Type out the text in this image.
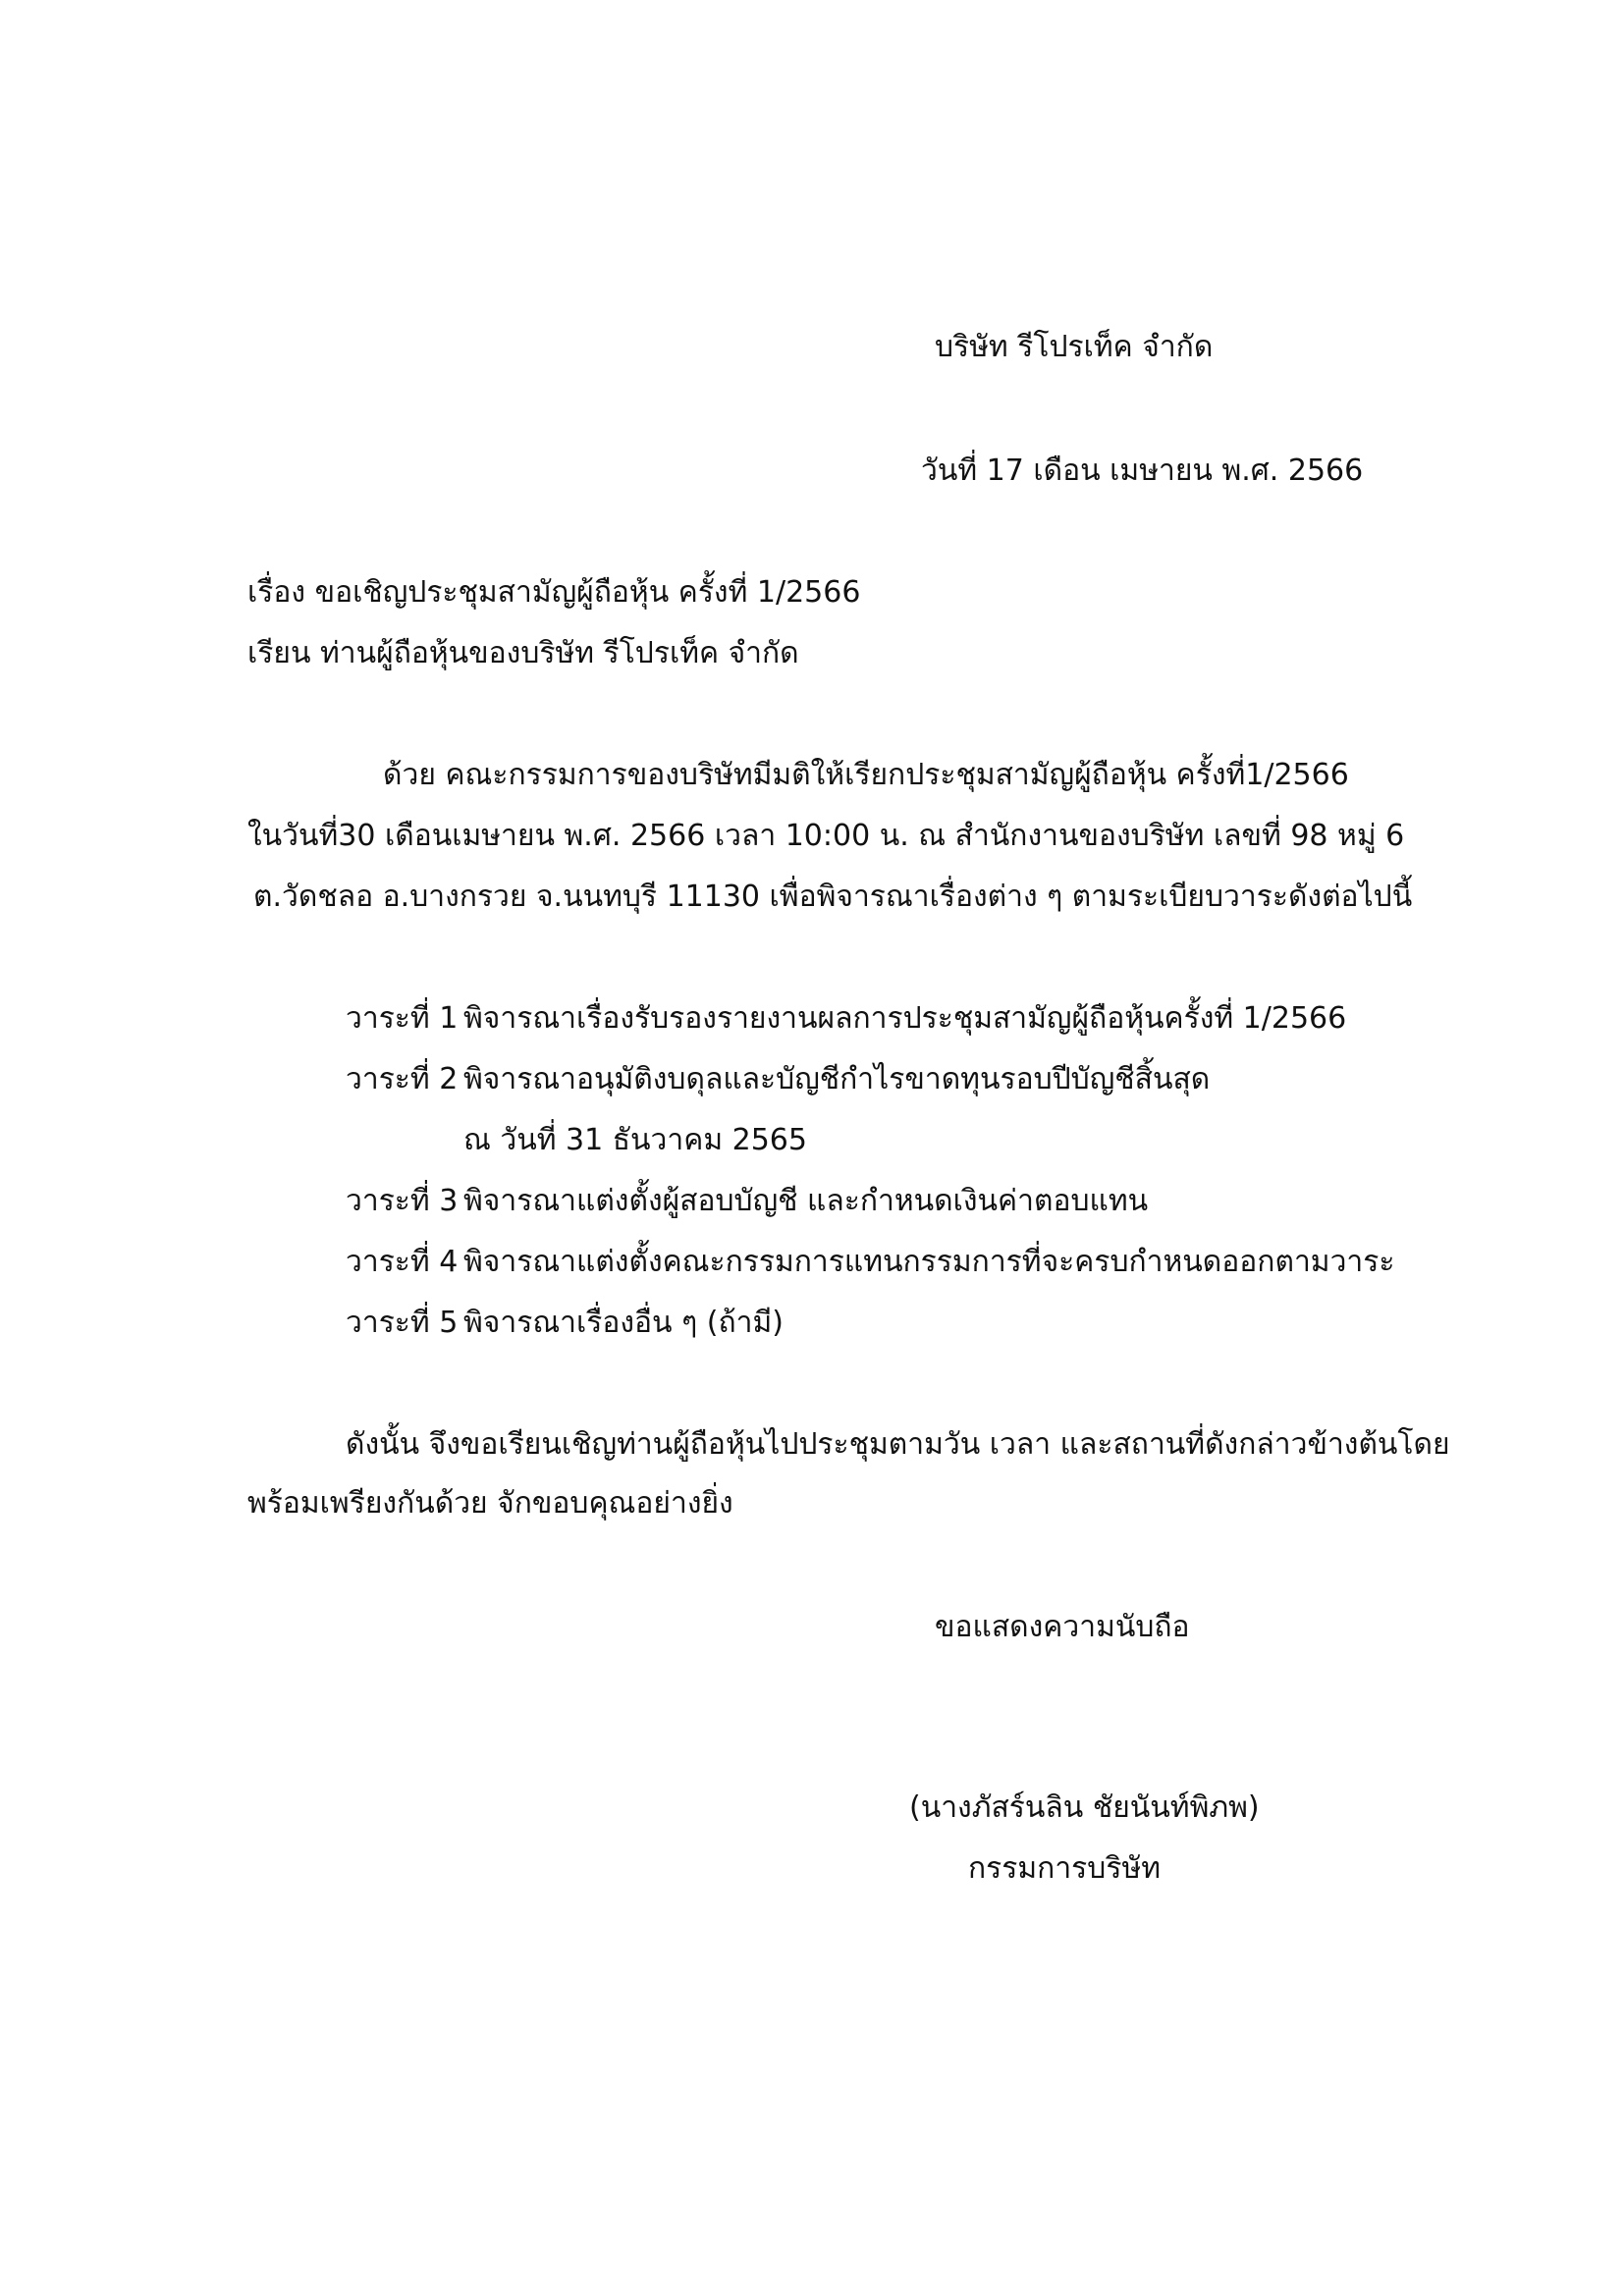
บริษัท รีโปรเท็ค จำกัด
วันที่ 17 เดือน เมษายน พ.ศ. 2566
เรื่อง ขอเชิญประชุมสามัญผู้ถือหุ้น ครั้งที่ 1/2566
เรียน ท่านผู้ถือหุ้นของบริษัท รีโปรเท็ค จำกัด
ด้วย คณะกรรมการของบริษัทมีมติให้เรียกประชุมสามัญผู้ถือหุ้น ครั้งที่1/2566
ในวันที่30 เดือนเมษายน พ.ศ. 2566 เวลา 10:00 น. ณ สำนักงานของบริษัท เลขที่ 98 หมู่ 6
ต.วัดชลอ อ.บางกรวย จ.นนทบุรี 11130 เพื่อพิจารณาเรื่องต่าง ๆ ตามระเบียบวาระดังต่อไปนี้
วาระที่ 1 พิจารณาเรื่องรับรองรายงานผลการประชุมสามัญผู้ถือหุ้นครั้งที่ 1/2566
วาระที่ 2 พิจารณาอนุมัติงบดุลและบัญชีกำไรขาดทุนรอบปีบัญชีสิ้นสุด
ณ วันที่ 31 ธันวาคม 2565
วาระที่ 3 พิจารณาแต่งตั้งผู้สอบบัญชี และกำหนดเงินค่าตอบแทน
วาระที่ 4 พิจารณาแต่งตั้งคณะกรรมการแทนกรรมการที่จะครบกำหนดออกตามวาระ
วาระที่ 5 พิจารณาเรื่องอื่น ๆ (ถ้ามี)
ดังนั้น จึงขอเรียนเชิญท่านผู้ถือหุ้นไปประชุมตามวัน เวลา และสถานที่ดังกล่าวข้างต้นโดย
พร้อมเพรียงกันด้วย จักขอบคุณอย่างยิ่ง
ขอแสดงความนับถือ
(นางภัสร์นลิน ชัยนันท์พิภพ)
กรรมการบริษัท
